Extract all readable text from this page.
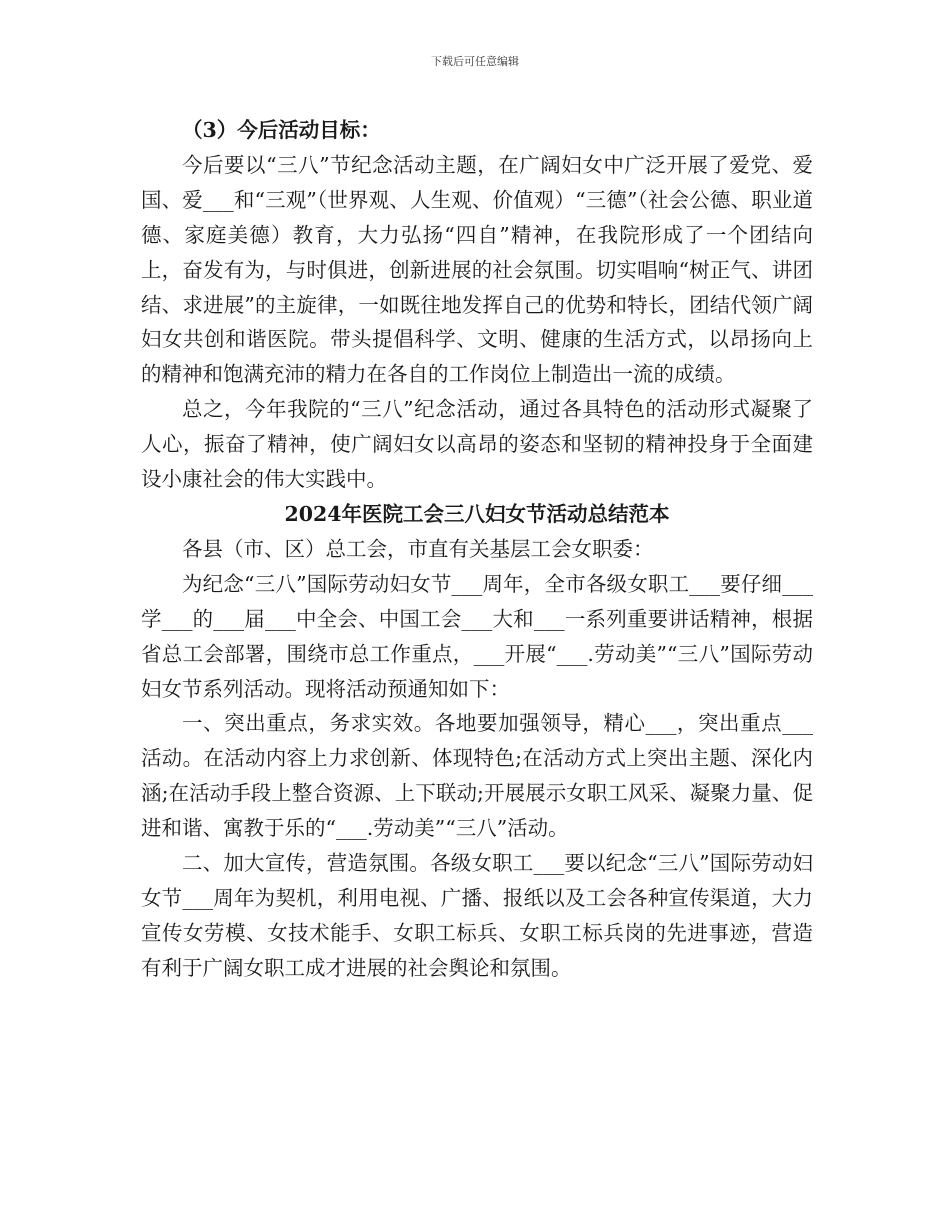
下载后可任意编辑

（3）今后活动目标：

今后要以“三八”节纪念活动主题，在广阔妇女中广泛开展了爱党、爱国、爱___和“三观”（世界观、人生观、价值观）“三德”（社会公德、职业道德、家庭美德）教育，大力弘扬“四自”精神，在我院形成了一个团结向上，奋发有为，与时俱进，创新进展的社会氛围。切实唱响“树正气、讲团结、求进展”的主旋律，一如既往地发挥自己的优势和特长，团结代领广阔妇女共创和谐医院。带头提倡科学、文明、健康的生活方式，以昂扬向上的精神和饱满充沛的精力在各自的工作岗位上制造出一流的成绩。

总之，今年我院的“三八”纪念活动，通过各具特色的活动形式凝聚了人心，振奋了精神，使广阔妇女以高昂的姿态和坚韧的精神投身于全面建设小康社会的伟大实践中。

2024年医院工会三八妇女节活动总结范本

各县（市、区）总工会，市直有关基层工会女职委：

为纪念“三八”国际劳动妇女节___周年，全市各级女职工___要仔细___学___的___届___中全会、中国工会___大和___一系列重要讲话精神，根据省总工会部署，围绕市总工作重点，___开展“___.劳动美”“三八”国际劳动妇女节系列活动。现将活动预通知如下：

一、突出重点，务求实效。各地要加强领导，精心___，突出重点___活动。在活动内容上力求创新、体现特色;在活动方式上突出主题、深化内涵;在活动手段上整合资源、上下联动;开展展示女职工风采、凝聚力量、促进和谐、寓教于乐的“___.劳动美”“三八”活动。

二、加大宣传，营造氛围。各级女职工___要以纪念“三八”国际劳动妇女节___周年为契机，利用电视、广播、报纸以及工会各种宣传渠道，大力宣传女劳模、女技术能手、女职工标兵、女职工标兵岗的先进事迹，营造有利于广阔女职工成才进展的社会舆论和氛围。
